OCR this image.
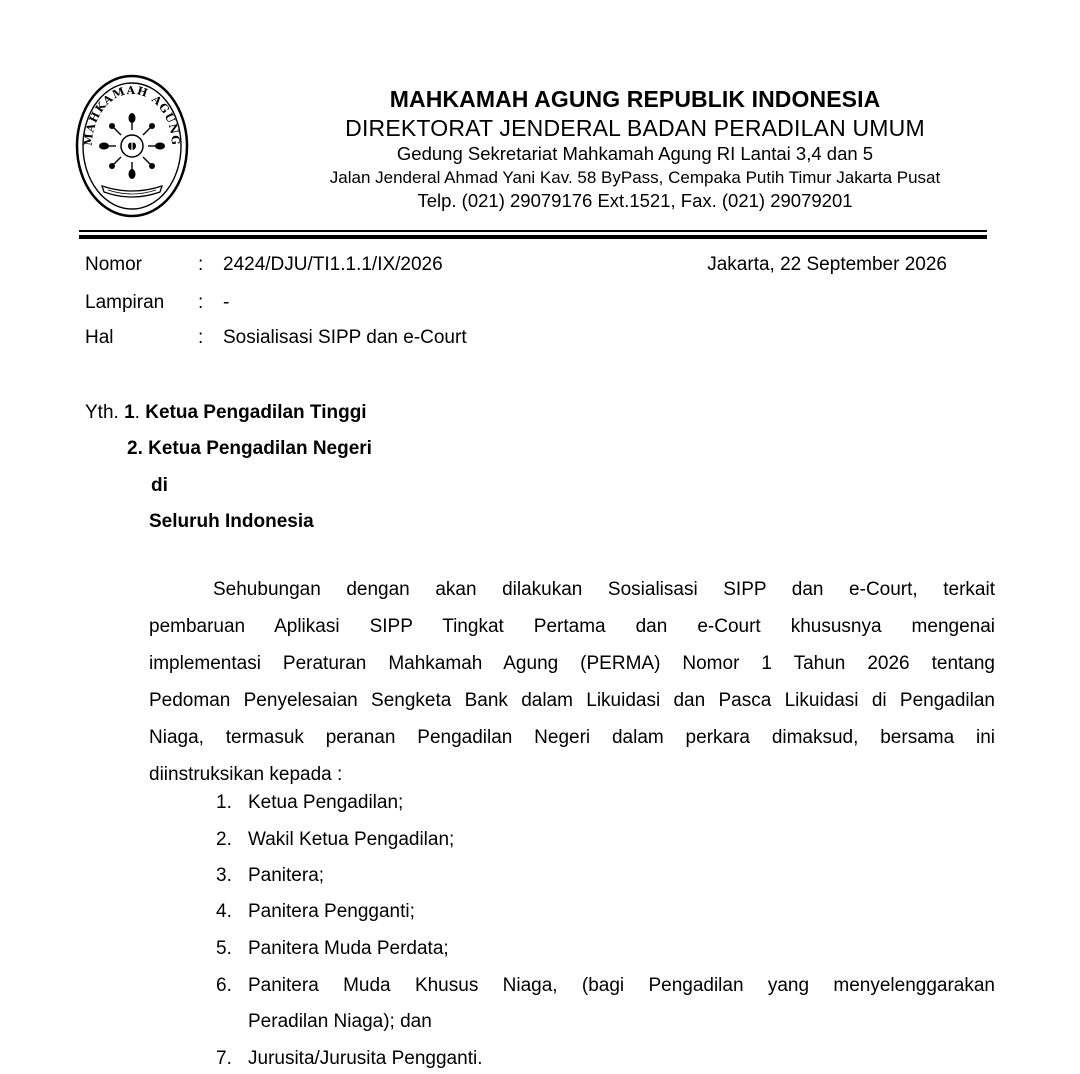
MAHKAMAH AGUNG
MAHKAMAH AGUNG REPUBLIK INDONESIA
DIREKTORAT JENDERAL BADAN PERADILAN UMUM
Gedung Sekretariat Mahkamah Agung RI Lantai 3,4 dan 5
Jalan Jenderal Ahmad Yani Kav. 58 ByPass, Cempaka Putih Timur Jakarta Pusat
Telp. (021) 29079176 Ext.1521, Fax. (021) 29079201
Nomor	: 2424/DJU/TI1.1.1/IX/2026	Jakarta, 22 September 2026
Lampiran : -
Hal	: Sosialisasi SIPP dan e-Court
Yth. 1. Ketua Pengadilan Tinggi
2. Ketua Pengadilan Negeri
di
Seluruh Indonesia
Sehubungan dengan akan dilakukan Sosialisasi SIPP dan e-Court, terkait
pembaruan Aplikasi SIPP Tingkat Pertama dan e-Court khususnya mengenai
implementasi Peraturan Mahkamah Agung (PERMA) Nomor 1 Tahun 2026 tentang
Pedoman Penyelesaian Sengketa Bank dalam Likuidasi dan Pasca Likuidasi di Pengadilan
Niaga, termasuk peranan Pengadilan Negeri dalam perkara dimaksud, bersama ini
diinstruksikan kepada :
1. Ketua Pengadilan;
2. Wakil Ketua Pengadilan;
3. Panitera;
4. Panitera Pengganti;
5. Panitera Muda Perdata;
6. Panitera Muda Khusus Niaga, (bagi Pengadilan yang menyelenggarakan
Peradilan Niaga); dan
7. Jurusita/Jurusita Pengganti.
